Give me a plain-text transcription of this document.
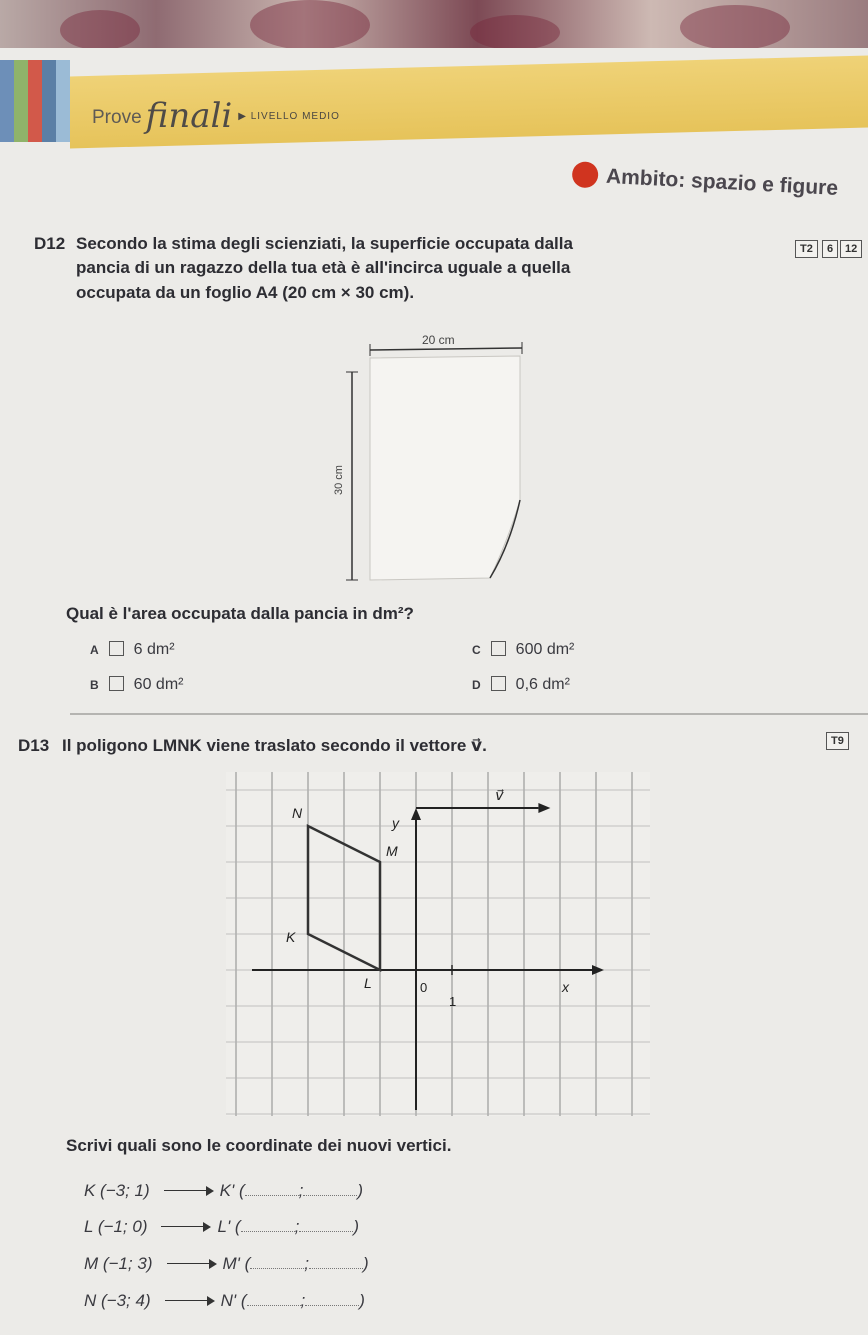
Prove finali $^{▶ LIVELLO MEDIO}$
Ambito: spazio e figure
D12 Secondo la stima degli scienziati, la superficie occupata dalla
pancia di un ragazzo della tua età è all'incirca uguale a quella
occupata da un foglio A4 (20 cm × 30 cm).
T2	6	12
20 cm
30 cm
Qual è l'area occupata dalla pancia in dm²?
A 6 dm²
B 60 dm²
C 600 dm²
D 0,6 dm²
D13 Il poligono LMNK viene traslato secondo il vettore v⃗.	T9
y
x
0
1
v⃗
N
M
K
L
Scrivi quali sono le coordinate dei nuovi vertici.
K (−3; 1)	K' (	;	)
L (−1; 0)	L' (	;	)
M (−1; 3)	M' (	;	)
N (−3; 4)	N' (	;	)
